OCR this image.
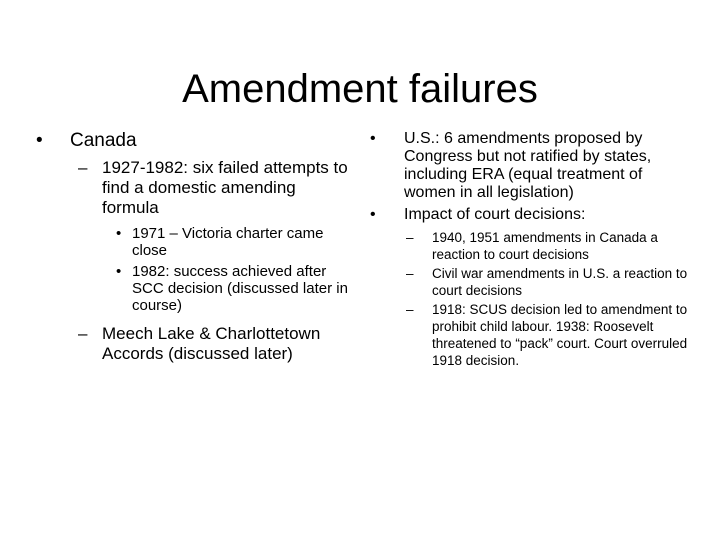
Amendment failures
• Canada
– 1927-1982: six failed attempts to find a domestic amending formula
• 1971 – Victoria charter came close
• 1982: success achieved after SCC decision (discussed later in course)
– Meech Lake & Charlottetown Accords (discussed later)
• U.S.: 6 amendments proposed by Congress but not ratified by states, including ERA (equal treatment of women in all legislation)
• Impact of court decisions:
– 1940, 1951 amendments in Canada a reaction to court decisions
– Civil war amendments in U.S. a reaction to court decisions
– 1918: SCUS decision led to amendment to prohibit child labour. 1938: Roosevelt threatened to “pack” court. Court overruled 1918 decision.
